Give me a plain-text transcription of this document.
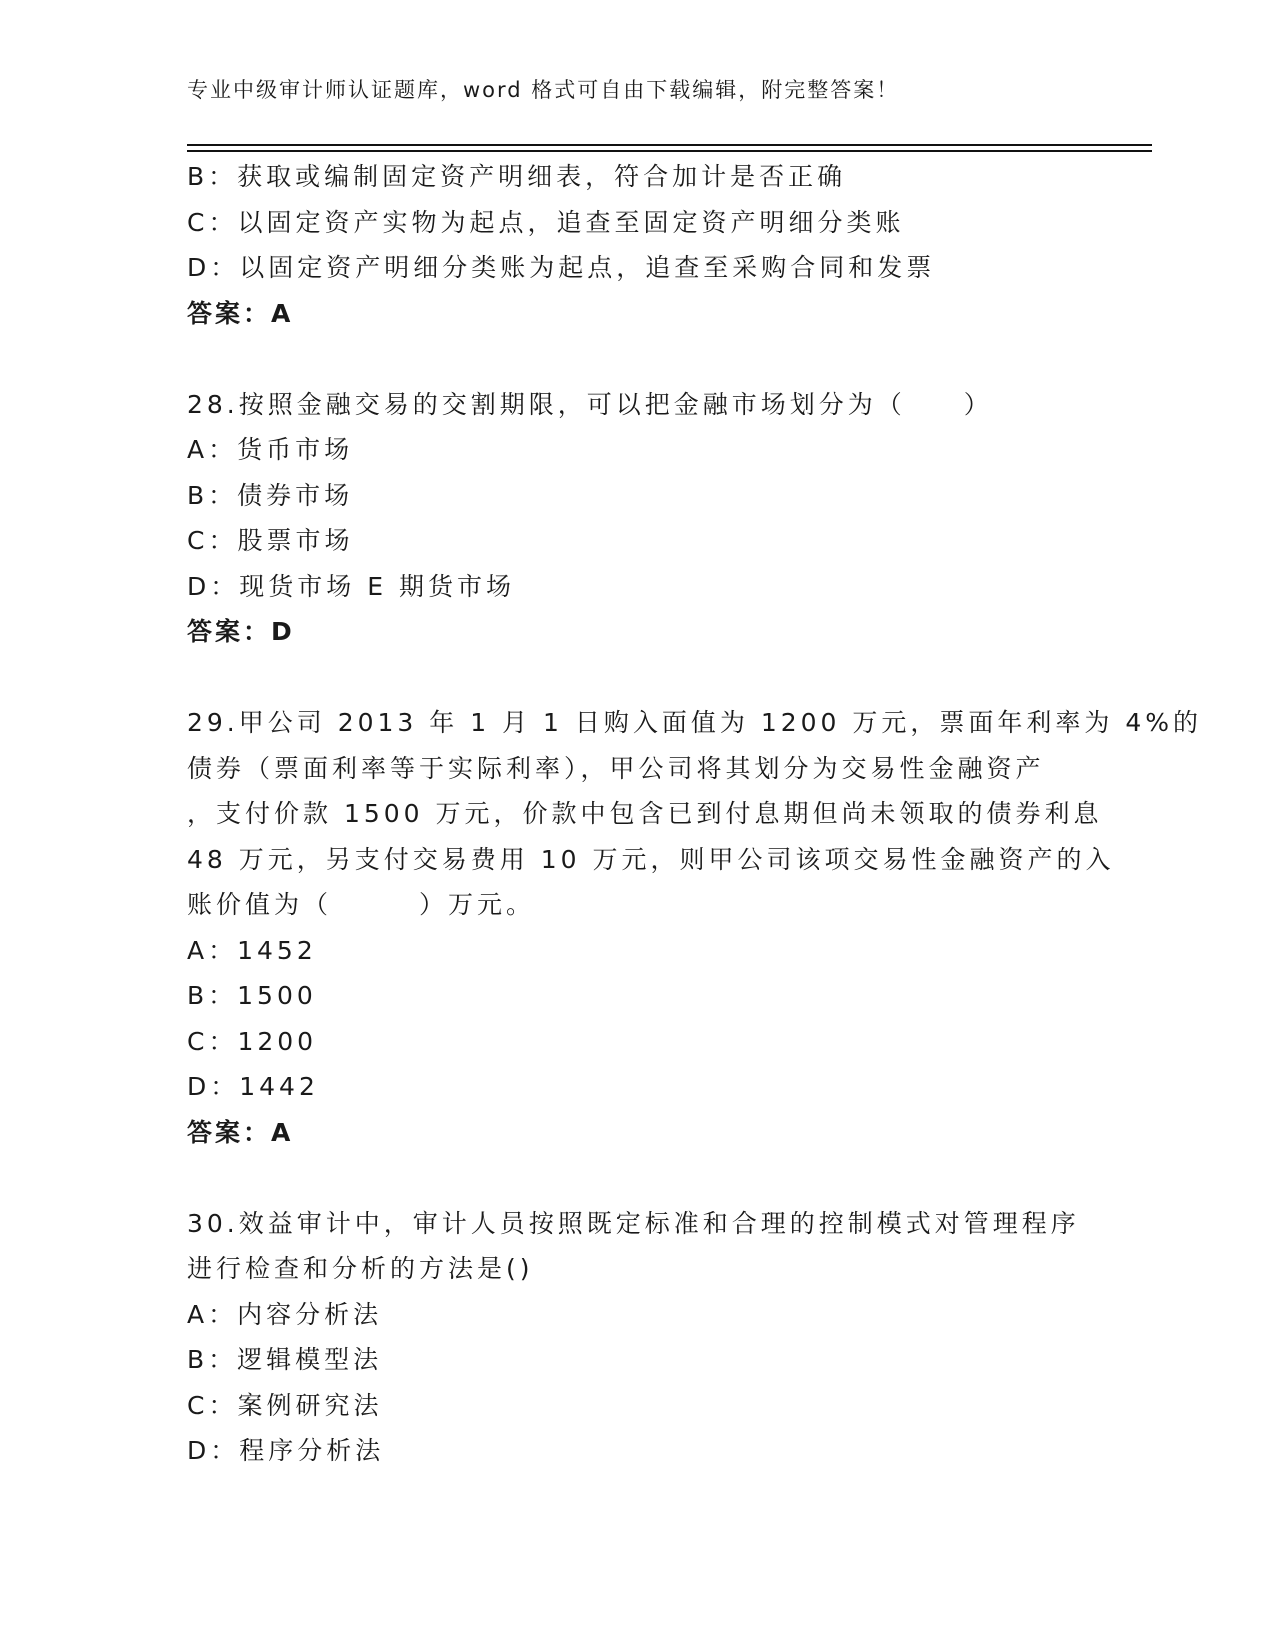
专业中级审计师认证题库，word 格式可自由下载编辑，附完整答案！
B：获取或编制固定资产明细表，符合加计是否正确
C：以固定资产实物为起点，追查至固定资产明细分类账
D：以固定资产明细分类账为起点，追查至采购合同和发票
答案：A
28.按照金融交易的交割期限，可以把金融市场划分为（　　）
A：货币市场
B：债券市场
C：股票市场
D：现货市场 E 期货市场
答案：D
29.甲公司 2013 年 1 月 1 日购入面值为 1200 万元，票面年利率为 4%的
债券（票面利率等于实际利率），甲公司将其划分为交易性金融资产
，支付价款 1500 万元，价款中包含已到付息期但尚未领取的债券利息
48 万元，另支付交易费用 10 万元，则甲公司该项交易性金融资产的入
账价值为（　　　）万元。
A：1452
B：1500
C：1200
D：1442
答案：A
30.效益审计中，审计人员按照既定标准和合理的控制模式对管理程序
进行检查和分析的方法是()
A：内容分析法
B：逻辑模型法
C：案例研究法
D：程序分析法
